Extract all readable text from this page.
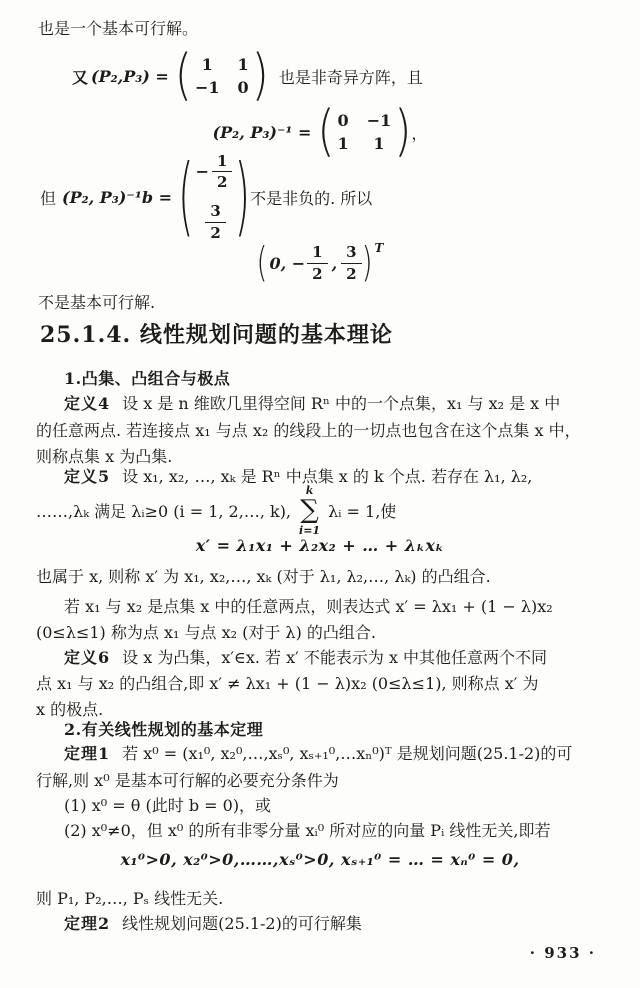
也是一个基本可行解。
又 (P₂,P₃) = ( 1	1
−1 0 ) 也是非奇异方阵，且
(P₂, P₃)⁻¹ = ( 0 −1
1	1 ) ，
但 (P₂, P₃)⁻¹b = ( − $\frac{1}{2}$
$\frac{3}{2}$ ) 不是非负的. 所以
( 0, − $\frac{1}{2}$ , $\frac{3}{2}$ ) T
不是基本可行解.
25.1.4. 线性规划问题的基本理论
1.凸集、凸组合与极点
定义4 设 x 是 n 维欧几里得空间 Rⁿ 中的一个点集，x₁ 与 x₂ 是 x 中
的任意两点. 若连接点 x₁ 与点 x₂ 的线段上的一切点也包含在这个点集 x 中，
则称点集 x 为凸集.
定义5 设 x₁, x₂, …, xₖ 是 Rⁿ 中点集 x 的 k 个点. 若存在 λ₁, λ₂,
……,λₖ 满足 λᵢ≥0 (i = 1, 2,…, k),
k
∑
i=1
λᵢ = 1,使
x′ = λ₁x₁ + λ₂x₂ + … + λₖxₖ
也属于 x, 则称 x′ 为 x₁, x₂,…, xₖ (对于 λ₁, λ₂,…, λₖ) 的凸组合.
若 x₁ 与 x₂ 是点集 x 中的任意两点，则表达式 x′ = λx₁ + (1 − λ)x₂
(0≤λ≤1) 称为点 x₁ 与点 x₂ (对于 λ) 的凸组合.
定义6 设 x 为凸集，x′∈x. 若 x′ 不能表示为 x 中其他任意两个不同
点 x₁ 与 x₂ 的凸组合,即 x′ ≠ λx₁ + (1 − λ)x₂ (0≤λ≤1), 则称点 x′ 为
x 的极点.
2.有关线性规划的基本定理
定理1 若 x⁰ = (x₁⁰, x₂⁰,…,xₛ⁰, xₛ₊₁⁰,…xₙ⁰)ᵀ 是规划问题(25.1-2)的可
行解,则 x⁰ 是基本可行解的必要充分条件为
(1) x⁰ = θ (此时 b = 0)，或
(2) x⁰≠0，但 x⁰ 的所有非零分量 xᵢ⁰ 所对应的向量 Pᵢ 线性无关,即若
x₁⁰>0, x₂⁰>0,……,xₛ⁰>0, xₛ₊₁⁰ = … = xₙ⁰ = 0,
则 P₁, P₂,…, Pₛ 线性无关.
定理2 线性规划问题(25.1-2)的可行解集
· 933 ·
